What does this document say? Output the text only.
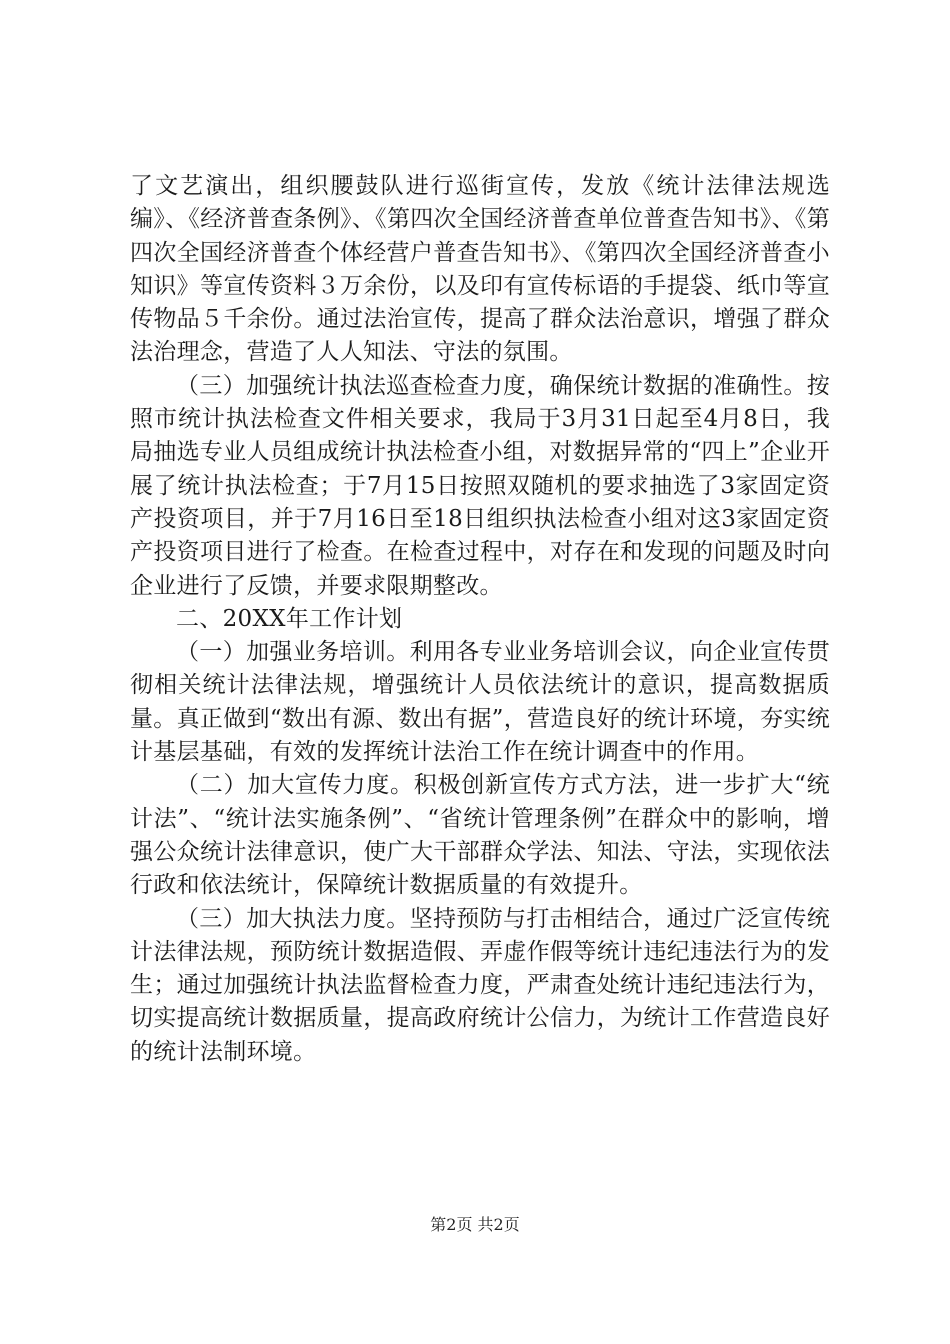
了文艺演出，组织腰鼓队进行巡街宣传，发放《统计法律法规选编》、《经济普查条例》、《第四次全国经济普查单位普查告知书》、《第四次全国经济普查个体经营户普查告知书》、《第四次全国经济普查小知识》等宣传资料３万余份，以及印有宣传标语的手提袋、纸巾等宣传物品５千余份。通过法治宣传，提高了群众法治意识，增强了群众法治理念，营造了人人知法、守法的氛围。

（三）加强统计执法巡查检查力度，确保统计数据的准确性。按照市统计执法检查文件相关要求，我局于3月31日起至4月8日，我局抽选专业人员组成统计执法检查小组，对数据异常的“四上”企业开展了统计执法检查；于7月15日按照双随机的要求抽选了3家固定资产投资项目，并于7月16日至18日组织执法检查小组对这3家固定资产投资项目进行了检查。在检查过程中，对存在和发现的问题及时向企业进行了反馈，并要求限期整改。

二、20XX年工作计划

（一）加强业务培训。利用各专业业务培训会议，向企业宣传贯彻相关统计法律法规，增强统计人员依法统计的意识，提高数据质量。真正做到“数出有源、数出有据”，营造良好的统计环境，夯实统计基层基础，有效的发挥统计法治工作在统计调查中的作用。

（二）加大宣传力度。积极创新宣传方式方法，进一步扩大“统计法”、“统计法实施条例”、“省统计管理条例”在群众中的影响，增强公众统计法律意识，使广大干部群众学法、知法、守法，实现依法行政和依法统计，保障统计数据质量的有效提升。

（三）加大执法力度。坚持预防与打击相结合，通过广泛宣传统计法律法规，预防统计数据造假、弄虚作假等统计违纪违法行为的发生；通过加强统计执法监督检查力度，严肃查处统计违纪违法行为，切实提高统计数据质量，提高政府统计公信力，为统计工作营造良好的统计法制环境。

第2页 共2页
